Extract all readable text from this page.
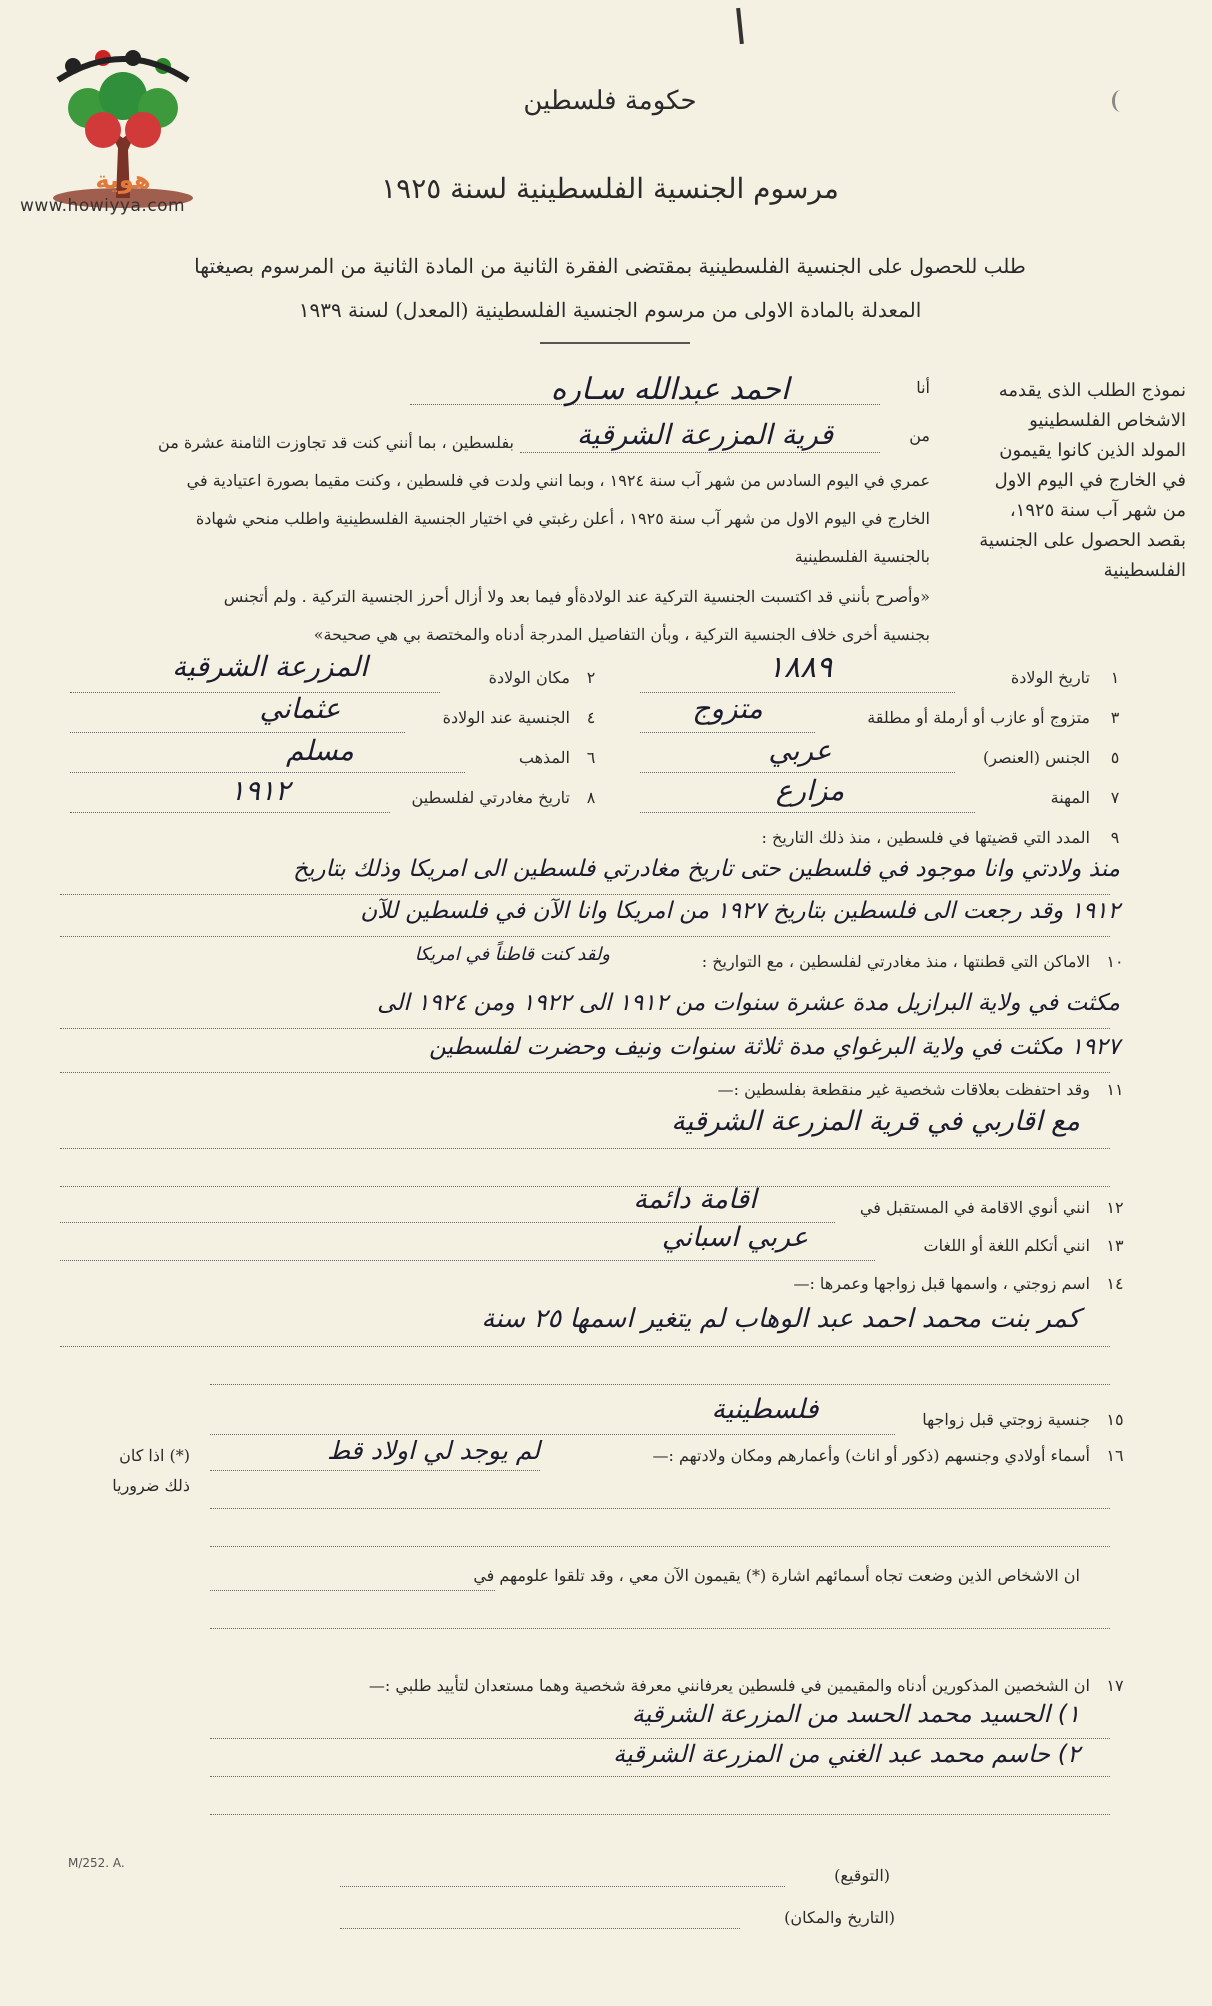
هوية
www.howiyya.com
حكومة فلسطين
مرسوم الجنسية الفلسطينية لسنة ١٩٢٥
طلب للحصول على الجنسية الفلسطينية بمقتضى الفقرة الثانية من المادة الثانية من المرسوم بصيغتها
المعدلة بالمادة الاولى من مرسوم الجنسية الفلسطينية (المعدل) لسنة ١٩٣٩
نموذج الطلب الذى يقدمه
الاشخاص الفلسطينيو
المولد الذين كانوا يقيمون
في الخارج في اليوم الاول
من شهر آب سنة ١٩٢٥،
بقصد الحصول على الجنسية
الفلسطينية
أنا
احمد عبدالله سـاره
من
قرية المزرعة الشرقية
بفلسطين ، بما أنني كنت قد تجاوزت الثامنة عشرة من
عمري في اليوم السادس من شهر آب سنة ١٩٢٤ ، وبما انني ولدت في فلسطين ، وكنت مقيما بصورة اعتيادية في
الخارج في اليوم الاول من شهر آب سنة ١٩٢٥ ، أعلن رغبتي في اختيار الجنسية الفلسطينية واطلب منحي شهادة
بالجنسية الفلسطينية
«وأصرح بأنني قد اكتسبت الجنسية التركية عند الولادةأو فيما بعد ولا أزال أحرز الجنسية التركية . ولم أتجنس
بجنسية أخرى خلاف الجنسية التركية ، وبأن التفاصيل المدرجة أدناه والمختصة بي هي صحيحة»
١
تاريخ الولادة
١٨٨٩
٢
مكان الولادة
المزرعة الشرقية
٣
متزوج أو عازب أو أرملة أو مطلقة
متزوج
٤
الجنسية عند الولادة
عثماني
٥
الجنس (العنصر)
عربي
٦
المذهب
مسلم
٧
المهنة
مزارع
٨
تاريخ مغادرتي لفلسطين
١٩١٢
٩
المدد التي قضيتها في فلسطين ، منذ ذلك التاريخ :
منذ ولادتي وانا موجود في فلسطين حتى تاريخ مغادرتي فلسطين الى امريكا وذلك بتاريخ
١٩١٢ وقد رجعت الى فلسطين بتاريخ ١٩٢٧ من امريكا وانا الآن في فلسطين للآن
١٠
الاماكن التي قطنتها ، منذ مغادرتي لفلسطين ، مع التواريخ :
ولقد كنت قاطناً في امريكا
مكثت في ولاية البرازيل مدة عشرة سنوات من ١٩١٢ الى ١٩٢٢ ومن ١٩٢٤ الى
١٩٢٧ مكثت في ولاية البرغواي مدة ثلاثة سنوات ونيف وحضرت لفلسطين
١١
وقد احتفظت بعلاقات شخصية غير منقطعة بفلسطين :—
مع اقاربي في قرية المزرعة الشرقية
١٢
انني أنوي الاقامة في المستقبل في
اقامة دائمة
١٣
انني أتكلم اللغة أو اللغات
عربي اسباني
١٤
اسم زوجتي ، واسمها قبل زواجها وعمرها :—
كمر بنت محمد احمد عبد الوهاب لم يتغير اسمها ٢٥ سنة
١٥
جنسية زوجتي قبل زواجها
فلسطينية
١٦
أسماء أولادي وجنسهم (ذكور أو اناث) وأعمارهم ومكان ولادتهم :—
لم يوجد لي اولاد قط
(*) اذا كان
ذلك ضروريا
ان الاشخاص الذين وضعت تجاه أسمائهم اشارة (*) يقيمون الآن معي ، وقد تلقوا علومهم في
١٧
ان الشخصين المذكورين أدناه والمقيمين في فلسطين يعرفانني معرفة شخصية وهما مستعدان لتأييد طلبي :—
١) الحسيد محمد الحسد من المزرعة الشرقية
٢) حاسم محمد عبد الغني من المزرعة الشرقية
(التوقيع)
(التاريخ والمكان)
M/252. A.
